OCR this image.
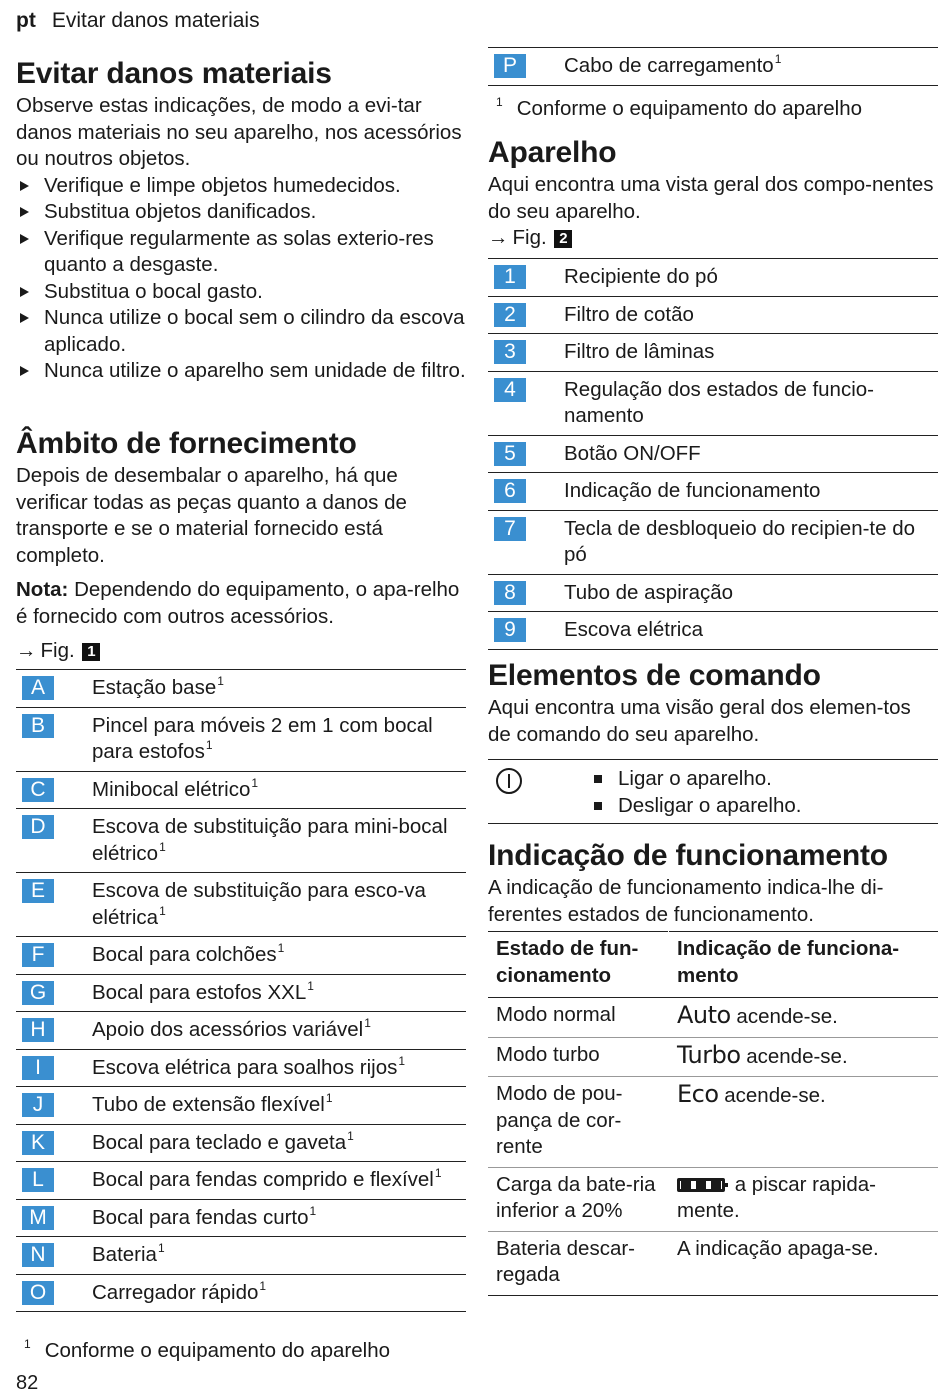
pt Evitar danos materiais
Evitar danos materiais

Observe estas indicações, de modo a evi-tar danos materiais no seu aparelho, nos acessórios ou noutros objetos.

Verifique e limpe objetos humedecidos.
Substitua objetos danificados.
Verifique regularmente as solas exterio-res quanto a desgaste.
Substitua o bocal gasto.
Nunca utilize o bocal sem o cilindro da escova aplicado.
Nunca utilize o aparelho sem unidade de filtro.
Âmbito de fornecimento

Depois de desembalar o aparelho, há que verificar todas as peças quanto a danos de transporte e se o material fornecido está completo.

Nota: Dependendo do equipamento, o apa-relho é fornecido com outros acessórios.

→ Fig. 1

A	Estação base$^1$
B	Pincel para móveis 2 em 1 com bocal para estofos$^1$
C	Minibocal elétrico$^1$
D	Escova de substituição para mini-bocal elétrico$^1$
E	Escova de substituição para esco-va elétrica$^1$
F	Bocal para colchões$^1$
G	Bocal para estofos XXL$^1$
H	Apoio dos acessórios variável$^1$
I	Escova elétrica para soalhos rijos$^1$
J	Tubo de extensão flexível$^1$
K	Bocal para teclado e gaveta$^1$
L	Bocal para fendas comprido e flexível$^1$
M	Bocal para fendas curto$^1$
N	Bateria$^1$
O	Carregador rápido$^1$

$^1$ Conforme o equipamento do aparelho

82
P	Cabo de carregamento$^1$

$^1$ Conforme o equipamento do aparelho

Aparelho

Aqui encontra uma vista geral dos compo-nentes do seu aparelho.

→ Fig. 2

1	Recipiente do pó
2	Filtro de cotão
3	Filtro de lâminas
4	Regulação dos estados de funcio-namento
5	Botão ON/OFF
6	Indicação de funcionamento
7	Tecla de desbloqueio do recipien-te do pó
8	Tubo de aspiração
9	Escova elétrica
Elementos de comando

Aqui encontra uma visão geral dos elemen-tos de comando do seu aparelho.

Ligar o aparelho.
Desligar o aparelho.
Indicação de funcionamento

A indicação de funcionamento indica-lhe di-ferentes estados de funcionamento.

Estado de fun-cionamento	Indicação de funciona-mento
Modo normal	Auto acende-se.
Modo turbo	Turbo acende-se.
Modo de pou-pança de cor-rente	Eco acende-se.
Carga da bate-ria inferior a 20%	a piscar rapida-mente.
Bateria descar-regada	A indicação apaga-se.
